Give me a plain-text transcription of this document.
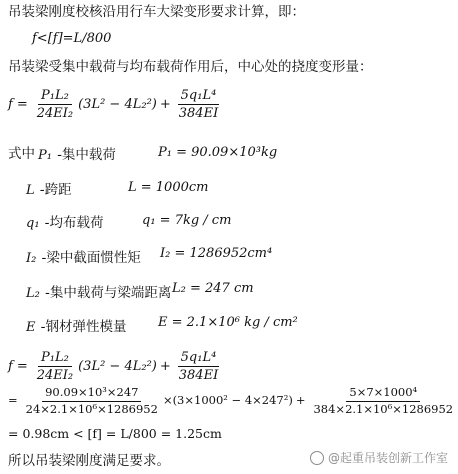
吊装梁刚度校核沿用行车大梁变形要求计算，即：
f<[f]=L/800
吊装梁受集中载荷与均布载荷作用后，中心处的挠度变形量：
$f = \frac{\text{P₁L₂}}{\text{24EI₂}} (3L^2 - 4L_2^2) + \frac{\text{5q₁L⁴}}{384EI}$
式中 P₁ -集中载荷	P₁ = 90.09×10³kg
L -跨距	L = 1000cm
q₁ -均布载荷	q₁ = 7kg / cm
I₂ -梁中截面惯性矩 I₂ = 1286952cm⁴
L₂ -集中载荷与梁端距离 L₂ = 247 cm
E -钢材弹性模量 E = 2.1×10⁶ kg / cm²
$f = \frac{\text{P₁L₂}}{\text{24EI₂}} (3L^2 - 4L_2^2) + \frac{\text{5q₁L⁴}}{384EI}$
= $\frac{\text{90.09×10³×247}}{\text{24×2.1×10⁶×1286952}} \times(3\times 1000^2 - 4\times 247^2) + \frac{\text{5×7×1000⁴}}{\text{384×2.1×10⁶×1286952}}$
= 0.98cm < [f] = L/800 = 1.25cm
所以吊装梁刚度满足要求。	@起重吊装创新工作室
